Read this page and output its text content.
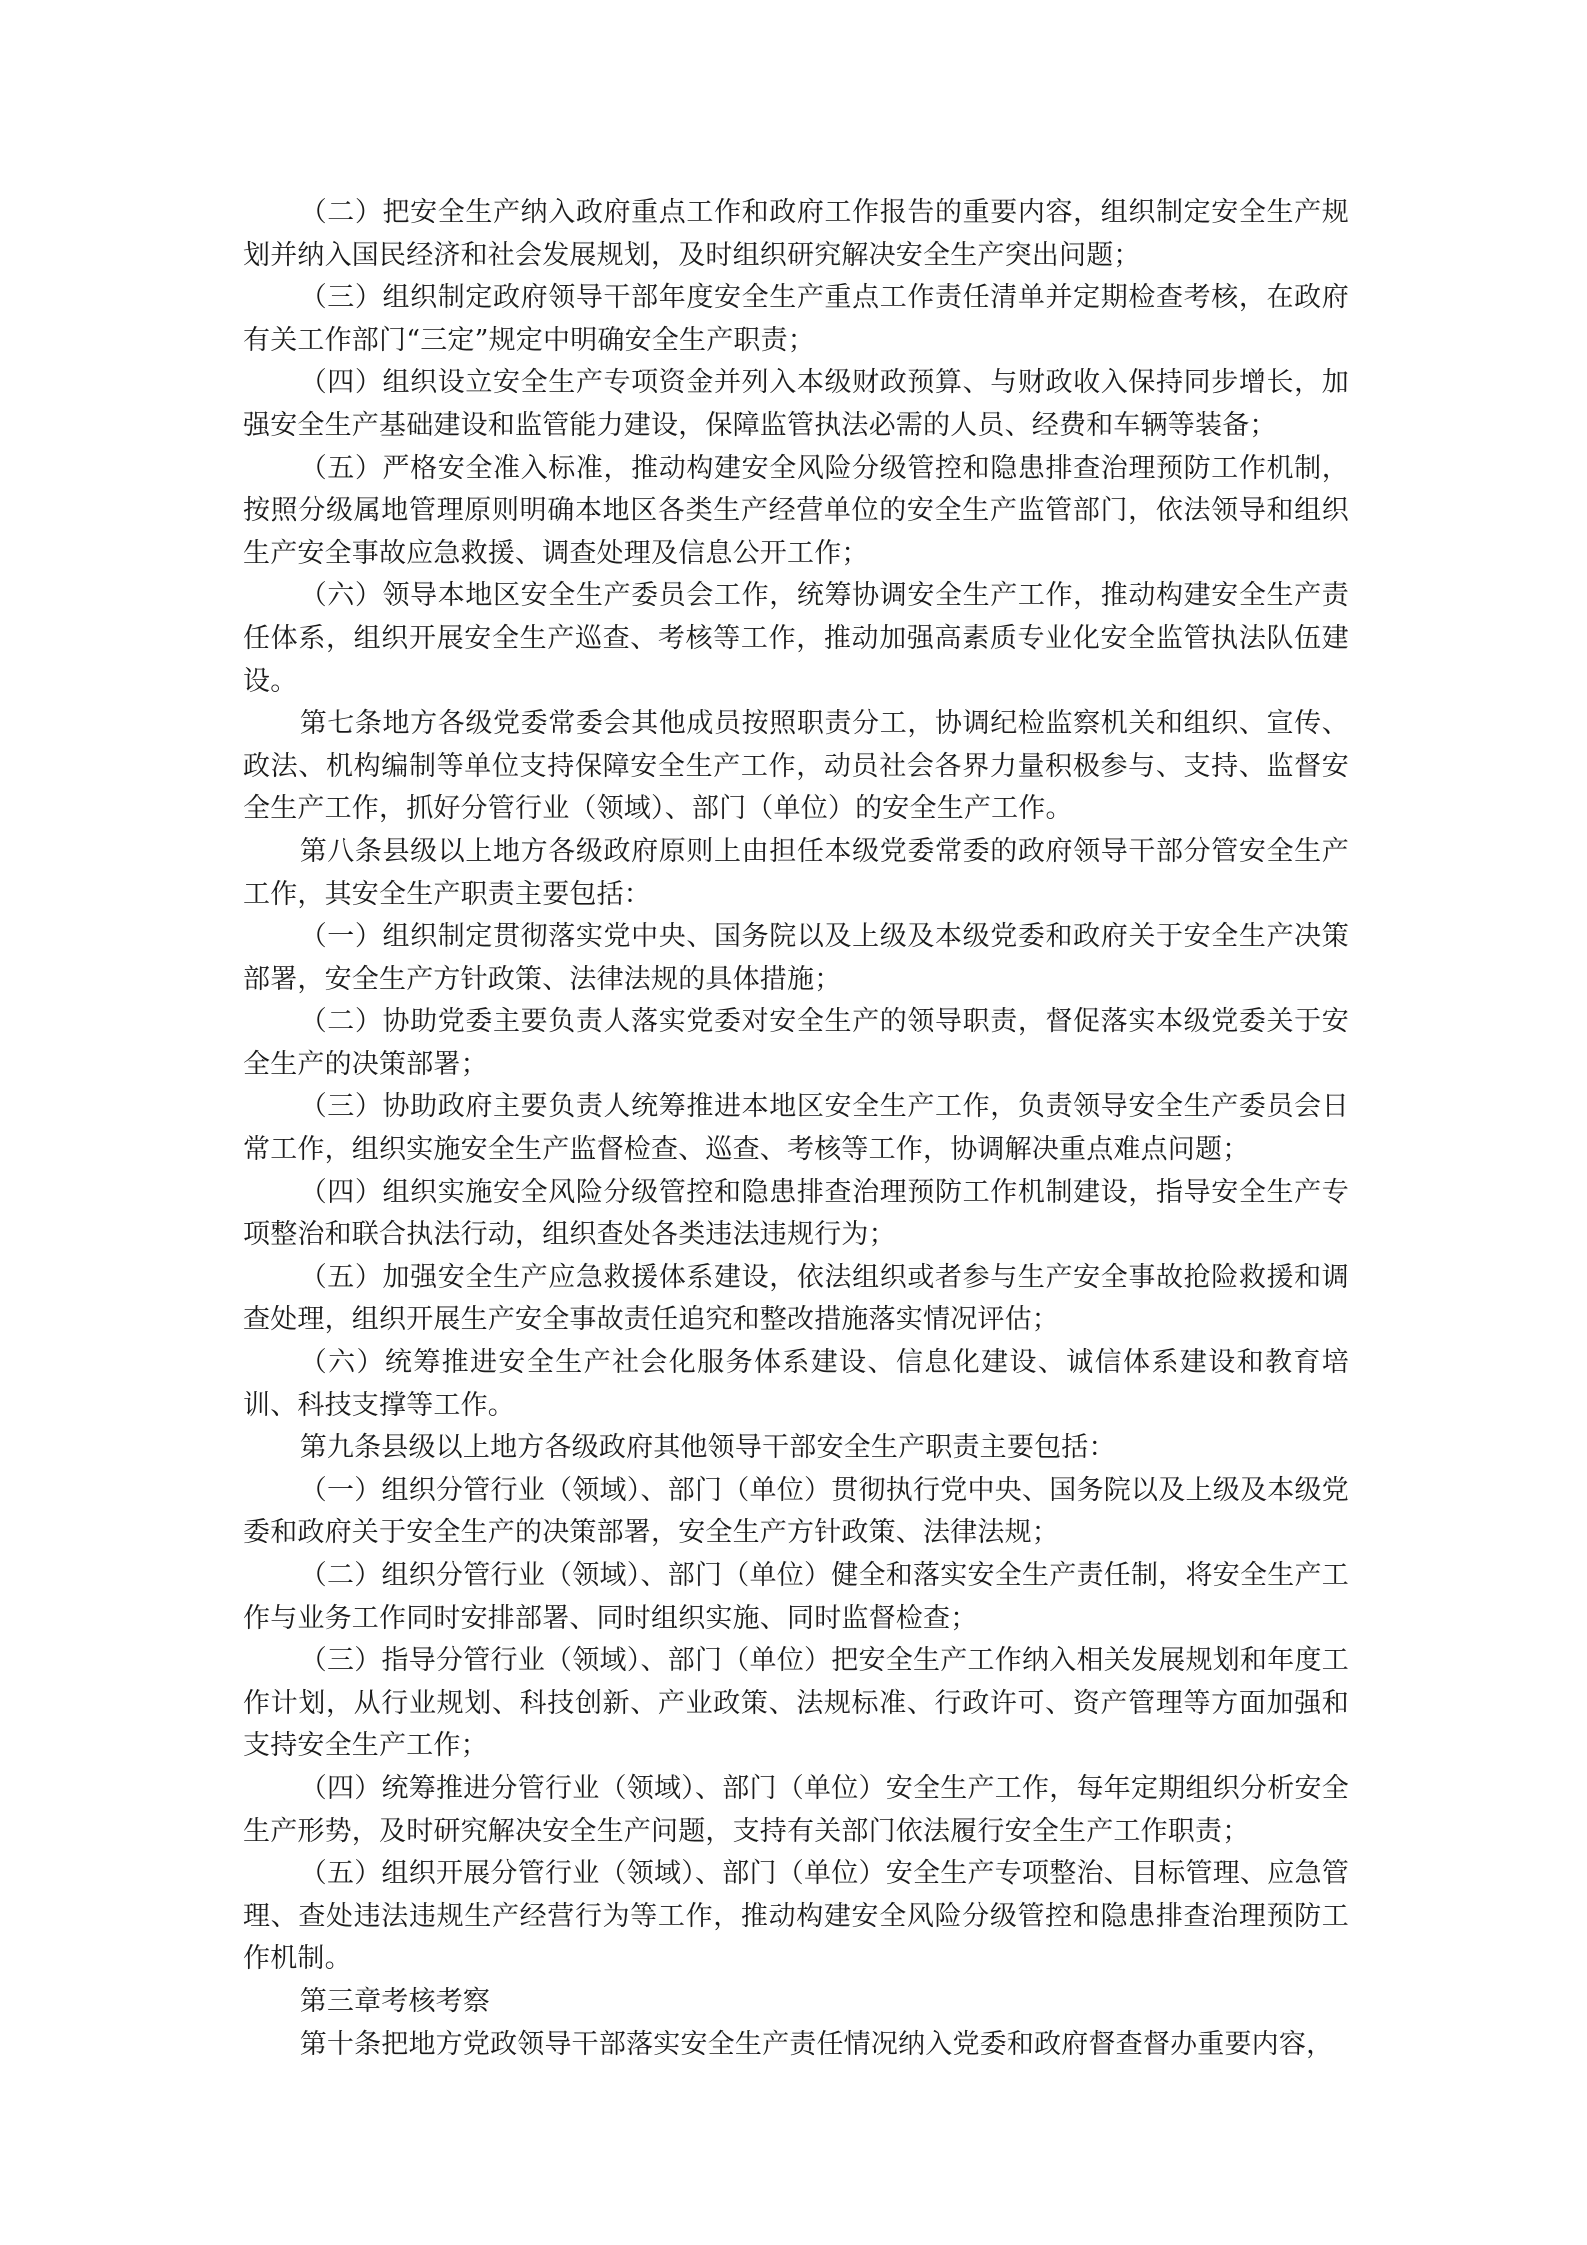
（二）把安全生产纳入政府重点工作和政府工作报告的重要内容，组织制定安全生产规划并纳入国民经济和社会发展规划，及时组织研究解决安全生产突出问题；

（三）组织制定政府领导干部年度安全生产重点工作责任清单并定期检查考核，在政府有关工作部门“三定”规定中明确安全生产职责；

（四）组织设立安全生产专项资金并列入本级财政预算、与财政收入保持同步增长，加强安全生产基础建设和监管能力建设，保障监管执法必需的人员、经费和车辆等装备；

（五）严格安全准入标准，推动构建安全风险分级管控和隐患排查治理预防工作机制，按照分级属地管理原则明确本地区各类生产经营单位的安全生产监管部门，依法领导和组织生产安全事故应急救援、调查处理及信息公开工作；

（六）领导本地区安全生产委员会工作，统筹协调安全生产工作，推动构建安全生产责任体系，组织开展安全生产巡查、考核等工作，推动加强高素质专业化安全监管执法队伍建设。

第七条地方各级党委常委会其他成员按照职责分工，协调纪检监察机关和组织、宣传、政法、机构编制等单位支持保障安全生产工作，动员社会各界力量积极参与、支持、监督安全生产工作，抓好分管行业（领域）、部门（单位）的安全生产工作。

第八条县级以上地方各级政府原则上由担任本级党委常委的政府领导干部分管安全生产工作，其安全生产职责主要包括：

（一）组织制定贯彻落实党中央、国务院以及上级及本级党委和政府关于安全生产决策部署，安全生产方针政策、法律法规的具体措施；

（二）协助党委主要负责人落实党委对安全生产的领导职责，督促落实本级党委关于安全生产的决策部署；

（三）协助政府主要负责人统筹推进本地区安全生产工作，负责领导安全生产委员会日常工作，组织实施安全生产监督检查、巡查、考核等工作，协调解决重点难点问题；

（四）组织实施安全风险分级管控和隐患排查治理预防工作机制建设，指导安全生产专项整治和联合执法行动，组织查处各类违法违规行为；

（五）加强安全生产应急救援体系建设，依法组织或者参与生产安全事故抢险救援和调查处理，组织开展生产安全事故责任追究和整改措施落实情况评估；

（六）统筹推进安全生产社会化服务体系建设、信息化建设、诚信体系建设和教育培训、科技支撑等工作。

第九条县级以上地方各级政府其他领导干部安全生产职责主要包括：

（一）组织分管行业（领域）、部门（单位）贯彻执行党中央、国务院以及上级及本级党委和政府关于安全生产的决策部署，安全生产方针政策、法律法规；

（二）组织分管行业（领域）、部门（单位）健全和落实安全生产责任制，将安全生产工作与业务工作同时安排部署、同时组织实施、同时监督检查；

（三）指导分管行业（领域）、部门（单位）把安全生产工作纳入相关发展规划和年度工作计划，从行业规划、科技创新、产业政策、法规标准、行政许可、资产管理等方面加强和支持安全生产工作；

（四）统筹推进分管行业（领域）、部门（单位）安全生产工作，每年定期组织分析安全生产形势，及时研究解决安全生产问题，支持有关部门依法履行安全生产工作职责；

（五）组织开展分管行业（领域）、部门（单位）安全生产专项整治、目标管理、应急管理、查处违法违规生产经营行为等工作，推动构建安全风险分级管控和隐患排查治理预防工作机制。

第三章考核考察

第十条把地方党政领导干部落实安全生产责任情况纳入党委和政府督查督办重要内容，
